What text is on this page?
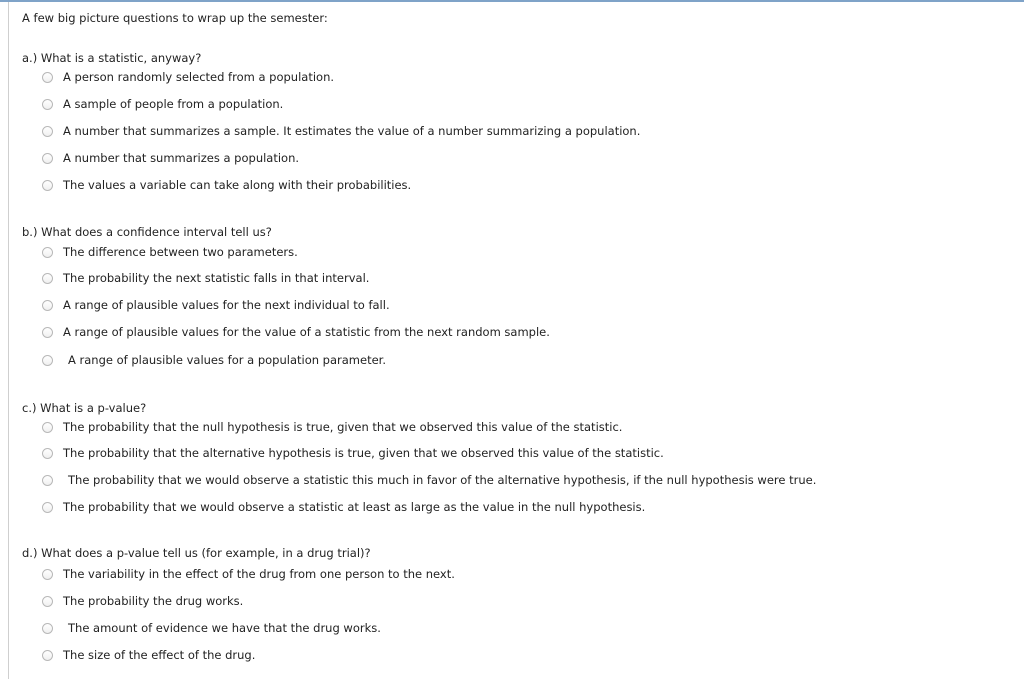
A few big picture questions to wrap up the semester:
a.) What is a statistic, anyway?
A person randomly selected from a population.
A sample of people from a population.
A number that summarizes a sample. It estimates the value of a number summarizing a population.
A number that summarizes a population.
The values a variable can take along with their probabilities.
b.) What does a confidence interval tell us?
The difference between two parameters.
The probability the next statistic falls in that interval.
A range of plausible values for the next individual to fall.
A range of plausible values for the value of a statistic from the next random sample.
A range of plausible values for a population parameter.
c.) What is a p-value?
The probability that the null hypothesis is true, given that we observed this value of the statistic.
The probability that the alternative hypothesis is true, given that we observed this value of the statistic.
The probability that we would observe a statistic this much in favor of the alternative hypothesis, if the null hypothesis were true.
The probability that we would observe a statistic at least as large as the value in the null hypothesis.
d.) What does a p-value tell us (for example, in a drug trial)?
The variability in the effect of the drug from one person to the next.
The probability the drug works.
The amount of evidence we have that the drug works.
The size of the effect of the drug.
